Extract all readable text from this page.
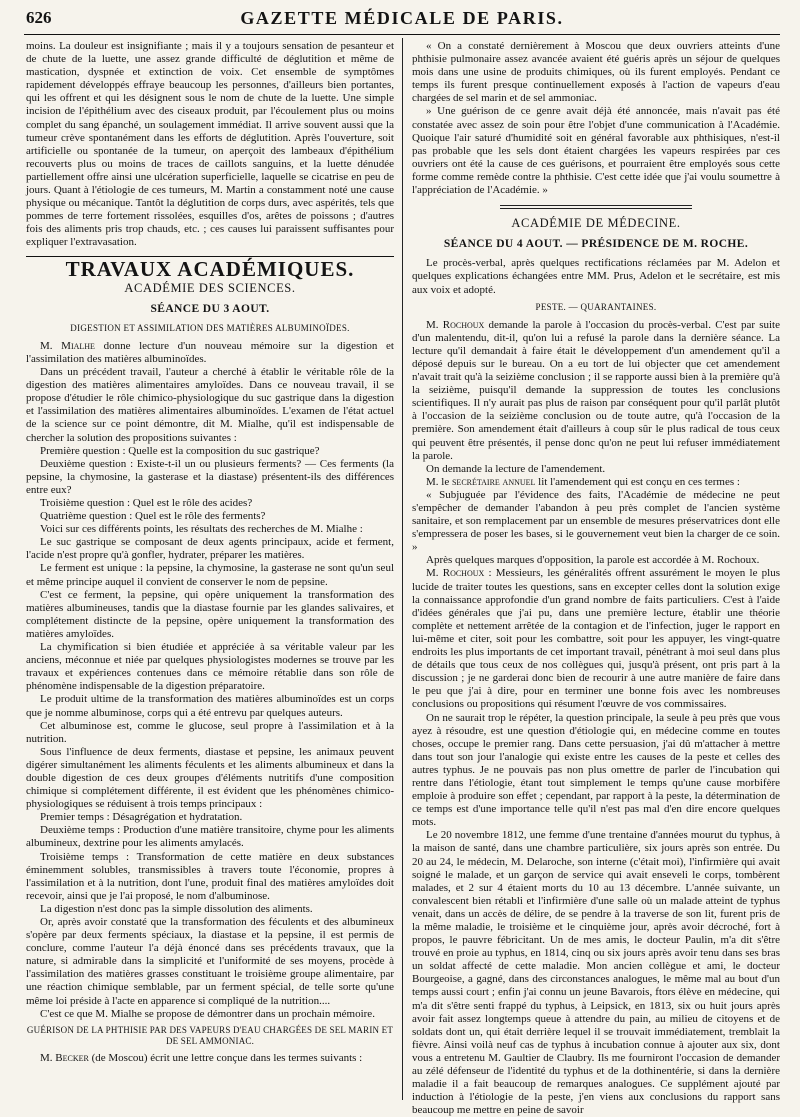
626	GAZETTE MÉDICALE DE PARIS.

moins. La douleur est insignifiante ; mais il y a toujours sensation de pesanteur et de chute de la luette, une assez grande difficulté de déglutition et même de mastication, dyspnée et extinction de voix. Cet ensemble de symptômes rapidement développés effraye beaucoup les personnes, d'ailleurs bien portantes, qui les offrent et qui les désignent sous le nom de chute de la luette. Une simple incision de l'épithélium avec des ciseaux produit, par l'écoulement plus ou moins complet du sang épanché, un soulagement immédiat. Il arrive souvent aussi que la tumeur crève spontanément dans les efforts de déglutition. Après l'ouverture, soit artificielle ou spontanée de la tumeur, on aperçoit des lambeaux d'épithélium recouverts plus ou moins de traces de caillots sanguins, et la luette dénudée partiellement offre ainsi une ulcération superficielle, laquelle se cicatrise en peu de jours. Quant à l'étiologie de ces tumeurs, M. Martin a constamment noté une cause physique ou mécanique. Tantôt la déglutition de corps durs, avec aspérités, tels que pommes de terre fortement rissolées, esquilles d'os, arêtes de poissons ; d'autres fois des aliments pris trop chauds, etc. ; ces causes lui paraissent suffisantes pour expliquer l'extravasation.

TRAVAUX ACADÉMIQUES.

ACADÉMIE DES SCIENCES.

SÉANCE DU 3 AOUT.

DIGESTION ET ASSIMILATION DES MATIÈRES ALBUMINOÏDES.

M. Mialhe donne lecture d'un nouveau mémoire sur la digestion et l'assimilation des matières albuminoïdes.

Dans un précédent travail, l'auteur a cherché à établir le véritable rôle de la digestion des matières alimentaires amyloïdes. Dans ce nouveau travail, il se propose d'étudier le rôle chimico-physiologique du suc gastrique dans la digestion et l'assimilation des matières alimentaires albuminoïdes. L'examen de l'état actuel de la science sur ce point démontre, dit M. Mialhe, qu'il est indispensable de chercher la solution des propositions suivantes :

Première question : Quelle est la composition du suc gastrique?

Deuxième question : Existe-t-il un ou plusieurs ferments? — Ces ferments (la pepsine, la chymosine, la gasterase et la diastase) présentent-ils des différences entre eux?

Troisième question : Quel est le rôle des acides?

Quatrième question : Quel est le rôle des ferments?

Voici sur ces différents points, les résultats des recherches de M. Mialhe :

Le suc gastrique se composant de deux agents principaux, acide et ferment, l'acide n'est propre qu'à gonfler, hydrater, préparer les matières.

Le ferment est unique : la pepsine, la chymosine, la gasterase ne sont qu'un seul et même principe auquel il convient de conserver le nom de pepsine.

C'est ce ferment, la pepsine, qui opère uniquement la transformation des matières albumineuses, tandis que la diastase fournie par les glandes salivaires, et complétement distincte de la pepsine, opère uniquement la transformation des matières amyloïdes.

La chymification si bien étudiée et appréciée à sa véritable valeur par les anciens, méconnue et niée par quelques physiologistes modernes se trouve par les travaux et expériences contenues dans ce mémoire rétablie dans son rôle de phénomène indispensable de la digestion préparatoire.

Le produit ultime de la transformation des matières albuminoïdes est un corps que je nomme albuminose, corps qui a été entrevu par quelques auteurs.

Cet albuminose est, comme le glucose, seul propre à l'assimilation et à la nutrition.

Sous l'influence de deux ferments, diastase et pepsine, les animaux peuvent digérer simultanément les aliments féculents et les aliments albumineux et dans la double digestion de ces deux groupes d'éléments nutritifs d'une composition chimique si complétement différente, il est évident que les phénomènes chimico-physiologiques se réduisent à trois temps principaux :

Premier temps : Désagrégation et hydratation.

Deuxième temps : Production d'une matière transitoire, chyme pour les aliments albumineux, dextrine pour les aliments amylacés.

Troisième temps : Transformation de cette matière en deux substances éminemment solubles, transmissibles à travers toute l'économie, propres à l'assimilation et à la nutrition, dont l'une, produit final des matières amyloïdes doit recevoir, ainsi que je l'ai proposé, le nom d'albuminose.

La digestion n'est donc pas la simple dissolution des aliments.

Or, après avoir constaté que la transformation des féculents et des albumineux s'opère par deux ferments spéciaux, la diastase et la pepsine, il est permis de conclure, comme l'auteur l'a déjà énoncé dans ses précédents travaux, que la nature, si admirable dans la simplicité et l'uniformité de ses moyens, procède à l'assimilation des matières grasses constituant le troisième groupe alimentaire, par une réaction chimique semblable, par un ferment spécial, de telle sorte qu'une même loi préside à l'acte en apparence si compliqué de la nutrition....

C'est ce que M. Mialhe se propose de démontrer dans un prochain mémoire.

GUÉRISON DE LA PHTHISIE PAR DES VAPEURS D'EAU CHARGÉES DE SEL MARIN ET DE SEL AMMONIAC.

M. Becker (de Moscou) écrit une lettre conçue dans les termes suivants :

« On a constaté dernièrement à Moscou que deux ouvriers atteints d'une phthisie pulmonaire assez avancée avaient été guéris après un séjour de quelques mois dans une usine de produits chimiques, où ils furent employés. Pendant ce temps ils furent presque continuellement exposés à l'action de vapeurs d'eau chargées de sel marin et de sel ammoniac.

» Une guérison de ce genre avait déjà été annoncée, mais n'avait pas été constatée avec assez de soin pour être l'objet d'une communication à l'Académie. Quoique l'air saturé d'humidité soit en général favorable aux phthisiques, n'est-il pas probable que les sels dont étaient chargées les vapeurs respirées par ces ouvriers ont été la cause de ces guérisons, et pourraient être employés sous cette forme comme remède contre la phthisie. C'est cette idée que j'ai voulu soumettre à l'appréciation de l'Académie. »

ACADÉMIE DE MÉDECINE.

SÉANCE DU 4 AOUT. — PRÉSIDENCE DE M. ROCHE.

Le procès-verbal, après quelques rectifications réclamées par M. Adelon et quelques explications échangées entre MM. Prus, Adelon et le secrétaire, est mis aux voix et adopté.

PESTE. — QUARANTAINES.

M. Rochoux demande la parole à l'occasion du procès-verbal. C'est par suite d'un malentendu, dit-il, qu'on lui a refusé la parole dans la dernière séance. La lecture qu'il demandait à faire était le développement d'un amendement qu'il a déposé depuis sur le bureau. On a eu tort de lui objecter que cet amendement n'avait trait qu'à la seizième conclusion ; il se rapporte aussi bien à la première qu'à la seizième, puisqu'il demande la suppression de toutes les conclusions scientifiques. Il n'y aurait pas plus de raison par conséquent pour qu'il parlât plutôt à l'occasion de la seizième conclusion ou de toute autre, qu'à l'occasion de la première. Son amendement était d'ailleurs à coup sûr le plus radical de tous ceux qui peuvent être présentés, il pense donc qu'on ne peut lui refuser immédiatement la parole.

On demande la lecture de l'amendement.

M. le secrétaire annuel lit l'amendement qui est conçu en ces termes :

« Subjuguée par l'évidence des faits, l'Académie de médecine ne peut s'empêcher de demander l'abandon à peu près complet de l'ancien système sanitaire, et son remplacement par un ensemble de mesures préservatrices dont elle s'empressera de poser les bases, si le gouvernement veut bien la charger de ce soin. »

Après quelques marques d'opposition, la parole est accordée à M. Rochoux.

M. Rochoux : Messieurs, les généralités offrent assurément le moyen le plus lucide de traiter toutes les questions, sans en excepter celles dont la solution exige la connaissance approfondie d'un grand nombre de faits particuliers. C'est à l'aide d'idées générales que j'ai pu, dans une première lecture, établir une théorie complète et nettement arrêtée de la contagion et de l'infection, juger le rapport en lui-même et citer, soit pour les combattre, soit pour les appuyer, les vingt-quatre endroits les plus importants de cet important travail, pénétrant à moi seul dans plus de détails que tous ceux de nos collègues qui, jusqu'à présent, ont pris part à la discussion ; je ne garderai donc bien de recourir à une autre manière de faire dans le peu que j'ai à dire, pour en terminer une bonne fois avec les nombreuses conclusions ou propositions qui résument l'œuvre de vos commissaires.

On ne saurait trop le répéter, la question principale, la seule à peu près que vous ayez à résoudre, est une question d'étiologie qui, en médecine comme en toutes choses, occupe le premier rang. Dans cette persuasion, j'ai dû m'attacher à mettre dans tout son jour l'analogie qui existe entre les causes de la peste et celles des autres typhus. Je ne pouvais pas non plus omettre de parler de l'incubation qui rentre dans l'étiologie, étant tout simplement le temps qu'une cause morbifère emploie à produire son effet ; cependant, par rapport à la peste, la détermination de ce temps est d'une importance telle qu'il n'est pas mal d'en dire encore quelques mots.

Le 20 novembre 1812, une femme d'une trentaine d'années mourut du typhus, à la maison de santé, dans une chambre particulière, six jours après son entrée. Du 20 au 24, le médecin, M. Delaroche, son interne (c'était moi), l'infirmière qui avait soigné le malade, et un garçon de service qui avait enseveli le corps, tombèrent malades, et 2 sur 4 étaient morts du 10 au 13 décembre. L'année suivante, un convalescent bien rétabli et l'infirmière d'une salle où un malade atteint de typhus venait, dans un accès de délire, de se pendre à la traverse de son lit, furent pris de la même maladie, le troisième et le cinquième jour, après avoir décroché, fort à propos, le pauvre fébricitant. Un de mes amis, le docteur Paulin, m'a dit s'être trouvé en proie au typhus, en 1814, cinq ou six jours après avoir tenu dans ses bras un soldat affecté de cette maladie. Mon ancien collègue et ami, le docteur Bourgeoise, a gagné, dans des circonstances analogues, le même mal au bout d'un temps aussi court ; enfin j'ai connu un jeune Bavarois, ftors élève en médecine, qui m'a dit s'être senti frappé du typhus, à Leipsick, en 1813, six ou huit jours après avoir fait assez longtemps queue à attendre du pain, au milieu de citoyens et de soldats dont un, qui était derrière lequel il se trouvait immédiatement, tremblait la fièvre. Ainsi voilà neuf cas de typhus à incubation connue à ajouter aux six, dont vous a entretenu M. Gaultier de Claubry. Ils me fourniront l'occasion de demander au zélé défenseur de l'identité du typhus et de la dothinentérie, si dans la dernière maladie il a fait beaucoup de remarques analogues. Ce supplément ajouté par induction à l'étiologie de la peste, j'en viens aux conclusions du rapport sans beaucoup me mettre en peine de savoir
